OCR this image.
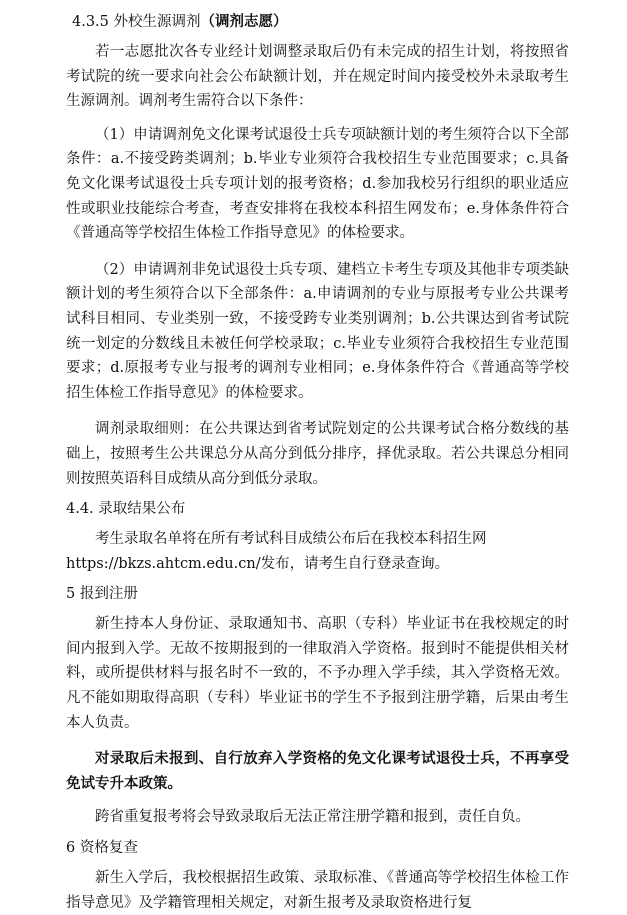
4.3.5 外校生源调剂（调剂志愿）

若一志愿批次各专业经计划调整录取后仍有未完成的招生计划，将按照省考试院的统一要求向社会公布缺额计划，并在规定时间内接受校外未录取考生生源调剂。调剂考生需符合以下条件：

（1）申请调剂免文化课考试退役士兵专项缺额计划的考生须符合以下全部条件：a.不接受跨类调剂；b.毕业专业须符合我校招生专业范围要求；c.具备免文化课考试退役士兵专项计划的报考资格；d.参加我校另行组织的职业适应性或职业技能综合考查，考查安排将在我校本科招生网发布；e.身体条件符合《普通高等学校招生体检工作指导意见》的体检要求。

（2）申请调剂非免试退役士兵专项、建档立卡考生专项及其他非专项类缺额计划的考生须符合以下全部条件：a.申请调剂的专业与原报考专业公共课考试科目相同、专业类别一致，不接受跨专业类别调剂；b.公共课达到省考试院统一划定的分数线且未被任何学校录取；c.毕业专业须符合我校招生专业范围要求；d.原报考专业与报考的调剂专业相同；e.身体条件符合《普通高等学校招生体检工作指导意见》的体检要求。

调剂录取细则：在公共课达到省考试院划定的公共课考试合格分数线的基础上，按照考生公共课总分从高分到低分排序，择优录取。若公共课总分相同则按照英语科目成绩从高分到低分录取。

4.4. 录取结果公布

考生录取名单将在所有考试科目成绩公布后在我校本科招生网

https://bkzs.ahtcm.edu.cn/发布，请考生自行登录查询。

5 报到注册

新生持本人身份证、录取通知书、高职（专科）毕业证书在我校规定的时间内报到入学。无故不按期报到的一律取消入学资格。报到时不能提供相关材料，或所提供材料与报名时不一致的，不予办理入学手续，其入学资格无效。凡不能如期取得高职（专科）毕业证书的学生不予报到注册学籍，后果由考生本人负责。

对录取后未报到、自行放弃入学资格的免文化课考试退役士兵，不再享受免试专升本政策。

跨省重复报考将会导致录取后无法正常注册学籍和报到，责任自负。

6 资格复查

新生入学后，我校根据招生政策、录取标准、《普通高等学校招生体检工作指导意见》及学籍管理相关规定，对新生报考及录取资格进行复
